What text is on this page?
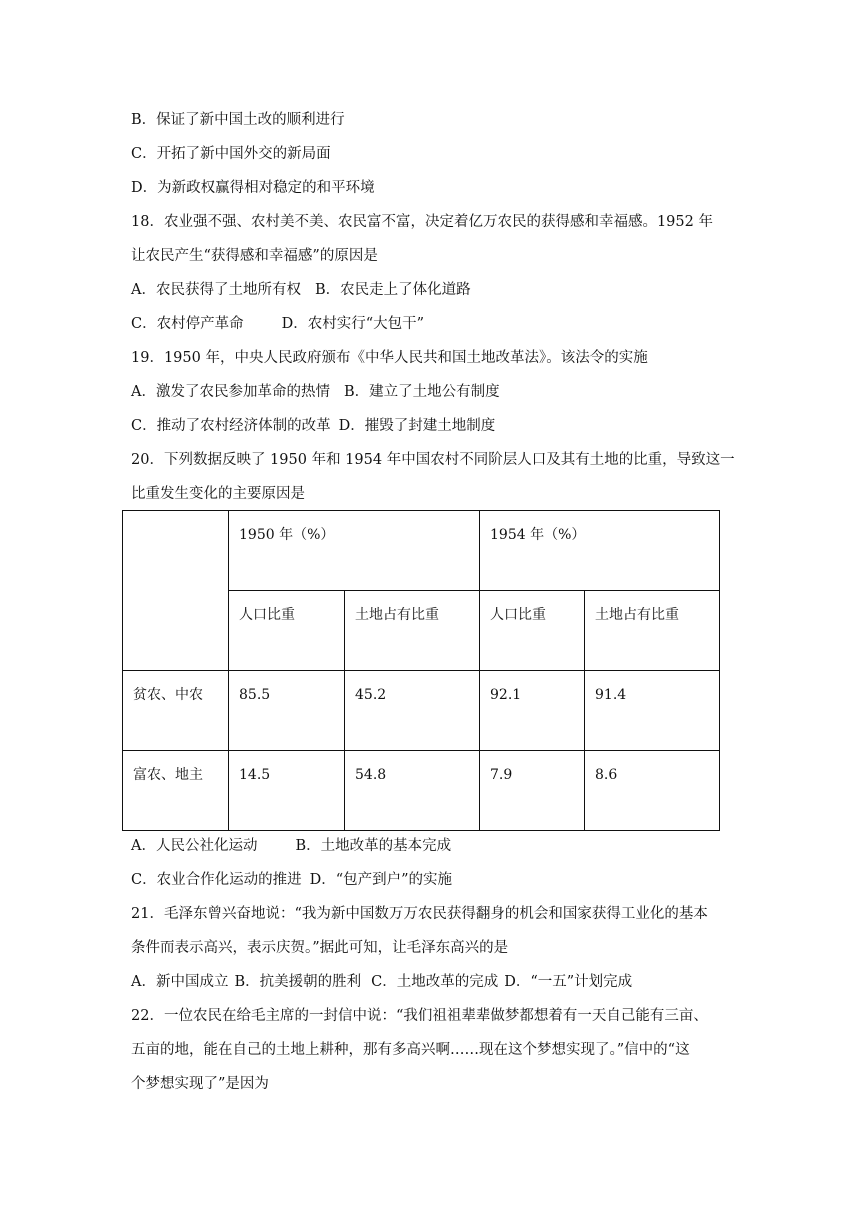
B．保证了新中国土改的顺利进行
C．开拓了新中国外交的新局面
D．为新政权赢得相对稳定的和平环境
18．农业强不强、农村美不美、农民富不富，决定着亿万农民的获得感和幸福感。1952 年
让农民产生“获得感和幸福感”的原因是
A．农民获得了土地所有权 B．农民走上了体化道路
C．农村停产革命	D．农村实行“大包干”
19．1950 年，中央人民政府颁布《中华人民共和国土地改革法》。该法令的实施
A．激发了农民参加革命的热情 B．建立了土地公有制度
C．推动了农村经济体制的改革 D．摧毁了封建土地制度
20．下列数据反映了 1950 年和 1954 年中国农村不同阶层人口及其有土地的比重，导致这一
比重发生变化的主要原因是
	1950 年（%）		1954 年（%）	
	人口比重	土地占有比重	人口比重	土地占有比重
贫农、中农	85.5	45.2	92.1	91.4
富农、地主	14.5	54.8	7.9	8.6
A．人民公社化运动	B．土地改革的基本完成
C．农业合作化运动的推进 D．“包产到户”的实施
21．毛泽东曾兴奋地说：“我为新中国数万万农民获得翻身的机会和国家获得工业化的基本
条件而表示高兴，表示庆贺。”据此可知，让毛泽东高兴的是
A．新中国成立 B．抗美援朝的胜利 C．土地改革的完成 D．“一五”计划完成
22．一位农民在给毛主席的一封信中说：“我们祖祖辈辈做梦都想着有一天自己能有三亩、
五亩的地，能在自己的土地上耕种，那有多高兴啊……现在这个梦想实现了。”信中的“这
个梦想实现了”是因为
